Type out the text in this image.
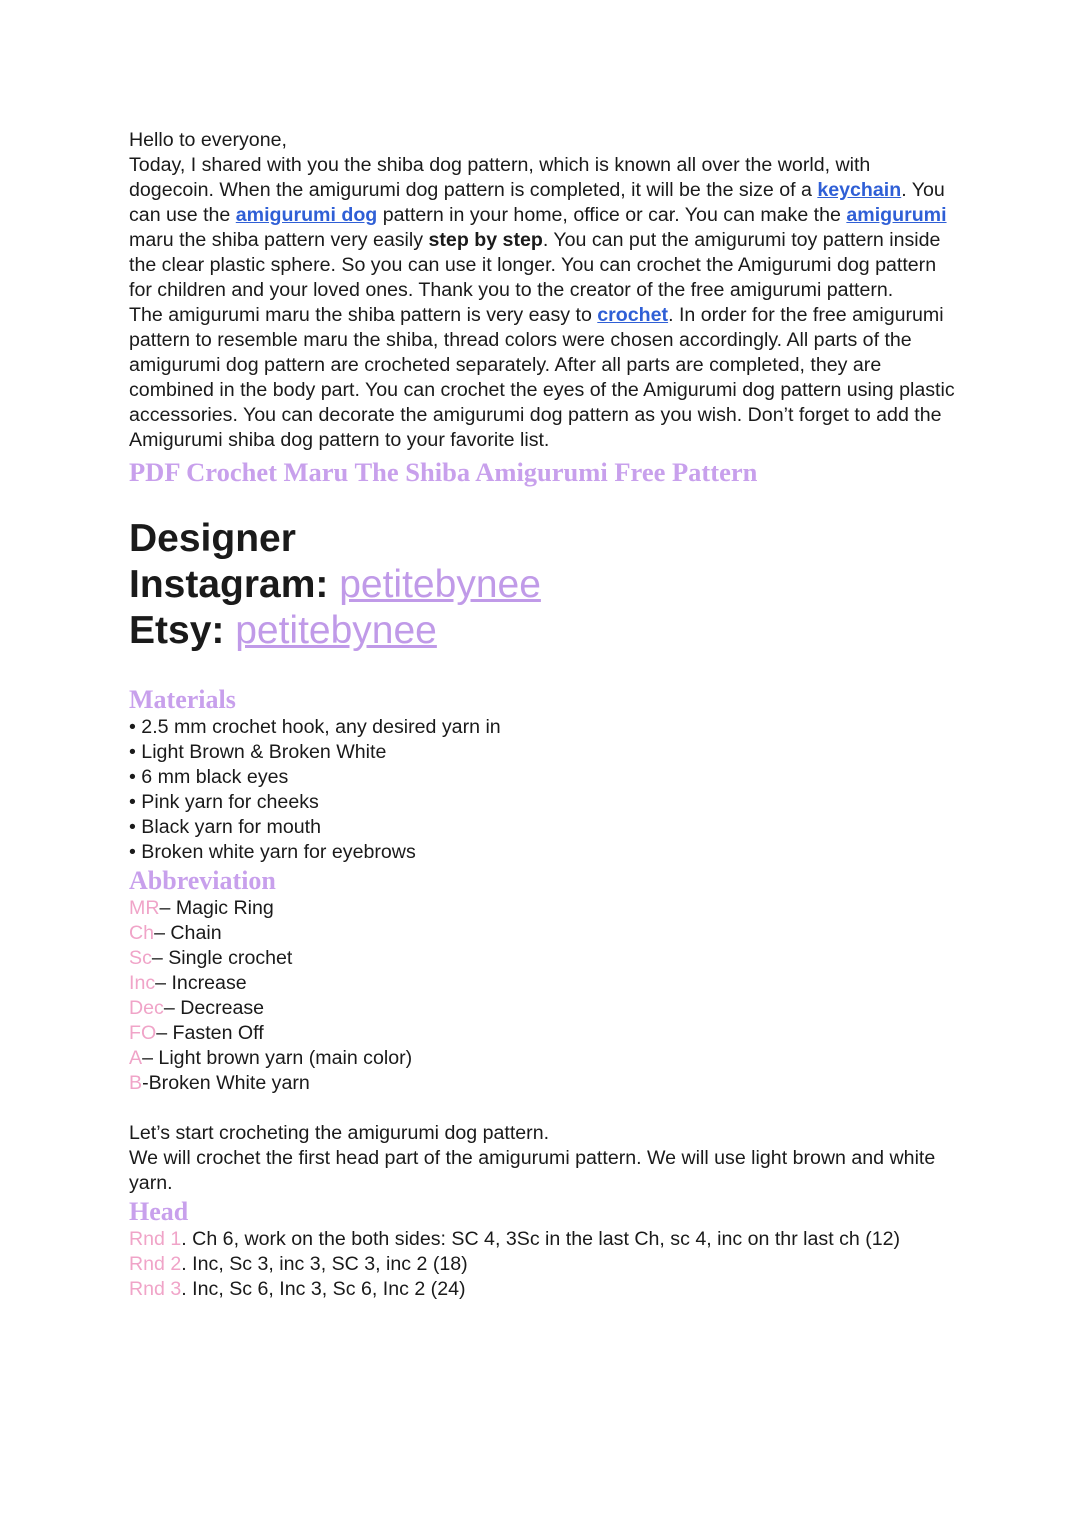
Hello to everyone,

Today, I shared with you the shiba dog pattern, which is known all over the world, with dogecoin. When the amigurumi dog pattern is completed, it will be the size of a keychain. You can use the amigurumi dog pattern in your home, office or car. You can make the amigurumi maru the shiba pattern very easily step by step. You can put the amigurumi toy pattern inside the clear plastic sphere. So you can use it longer. You can crochet the Amigurumi dog pattern for children and your loved ones. Thank you to the creator of the free amigurumi pattern.

The amigurumi maru the shiba pattern is very easy to crochet. In order for the free amigurumi pattern to resemble maru the shiba, thread colors were chosen accordingly. All parts of the amigurumi dog pattern are crocheted separately. After all parts are completed, they are combined in the body part. You can crochet the eyes of the Amigurumi dog pattern using plastic accessories. You can decorate the amigurumi dog pattern as you wish. Don’t forget to add the Amigurumi shiba dog pattern to your favorite list.

PDF Crochet Maru The Shiba Amigurumi Free Pattern

Designer

Instagram: petitebynee

Etsy: petitebynee

Materials

• 2.5 mm crochet hook, any desired yarn in

• Light Brown & Broken White

• 6 mm black eyes

• Pink yarn for cheeks

• Black yarn for mouth

• Broken white yarn for eyebrows

Abbreviation

MR– Magic Ring

Ch– Chain

Sc– Single crochet

Inc– Increase

Dec– Decrease

FO– Fasten Off

A– Light brown yarn (main color)

B-Broken White yarn

Let’s start crocheting the amigurumi dog pattern.

We will crochet the first head part of the amigurumi pattern. We will use light brown and white yarn.

Head

Rnd 1. Ch 6, work on the both sides: SC 4, 3Sc in the last Ch, sc 4, inc on thr last ch (12)

Rnd 2. Inc, Sc 3, inc 3, SC 3, inc 2 (18)

Rnd 3. Inc, Sc 6, Inc 3, Sc 6, Inc 2 (24)
